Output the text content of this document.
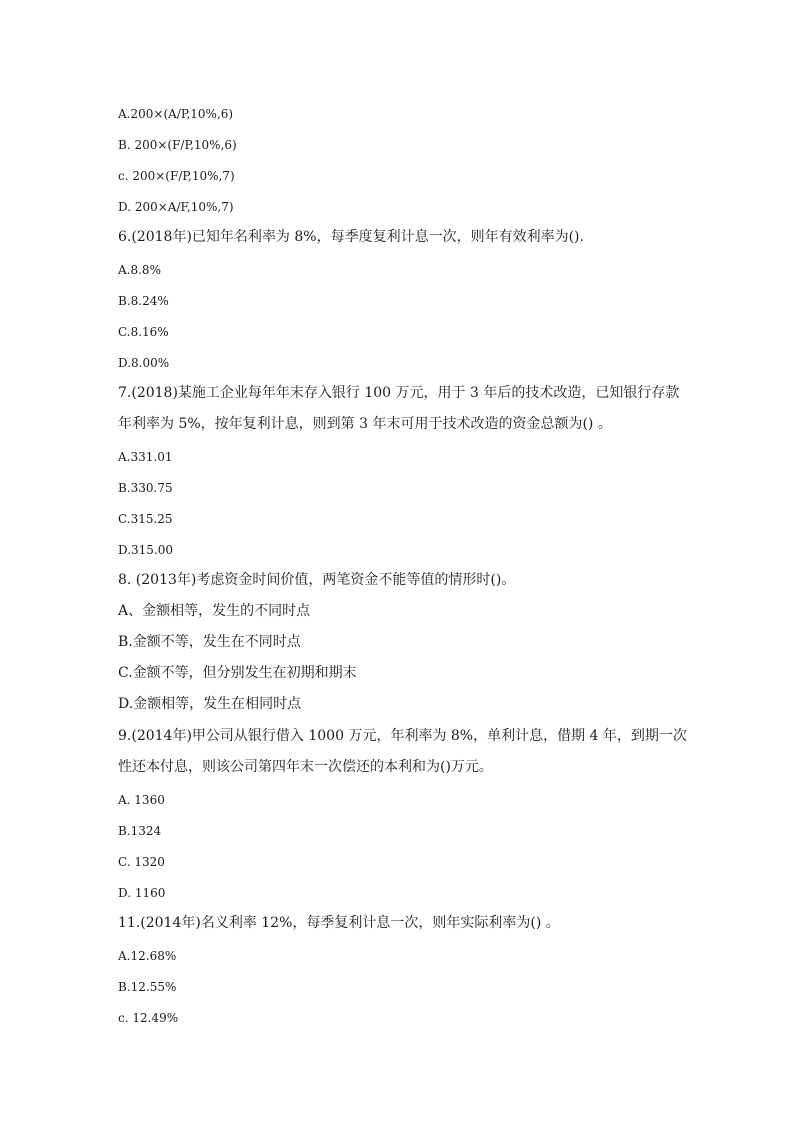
A.200×(A/P,10%,6)
B. 200×(F/P,10%,6)
c. 200×(F/P,10%,7)
D. 200×A/F,10%,7)
6.(2018年)已知年名利率为 8%，每季度复利计息一次，则年有效利率为().
A.8.8%
B.8.24%
C.8.16%
D.8.00%
7.(2018)某施工企业每年年末存入银行 100 万元，用于 3 年后的技术改造，已知银行存款
年利率为 5%，按年复利计息，则到第 3 年末可用于技术改造的资金总额为() 。
A.331.01
B.330.75
C.315.25
D.315.00
8. (2013年)考虑资金时间价值，两笔资金不能等值的情形时()。
A、金额相等，发生的不同时点
B.金额不等，发生在不同时点
C.金额不等，但分别发生在初期和期末
D.金额相等，发生在相同时点
9.(2014年)甲公司从银行借入 1000 万元，年利率为 8%，单利计息，借期 4 年，到期一次
性还本付息，则该公司第四年末一次偿还的本利和为()万元。
A. 1360
B.1324
C. 1320
D. 1160
11.(2014年)名义利率 12%，每季复利计息一次，则年实际利率为() 。
A.12.68%
B.12.55%
c. 12.49%
